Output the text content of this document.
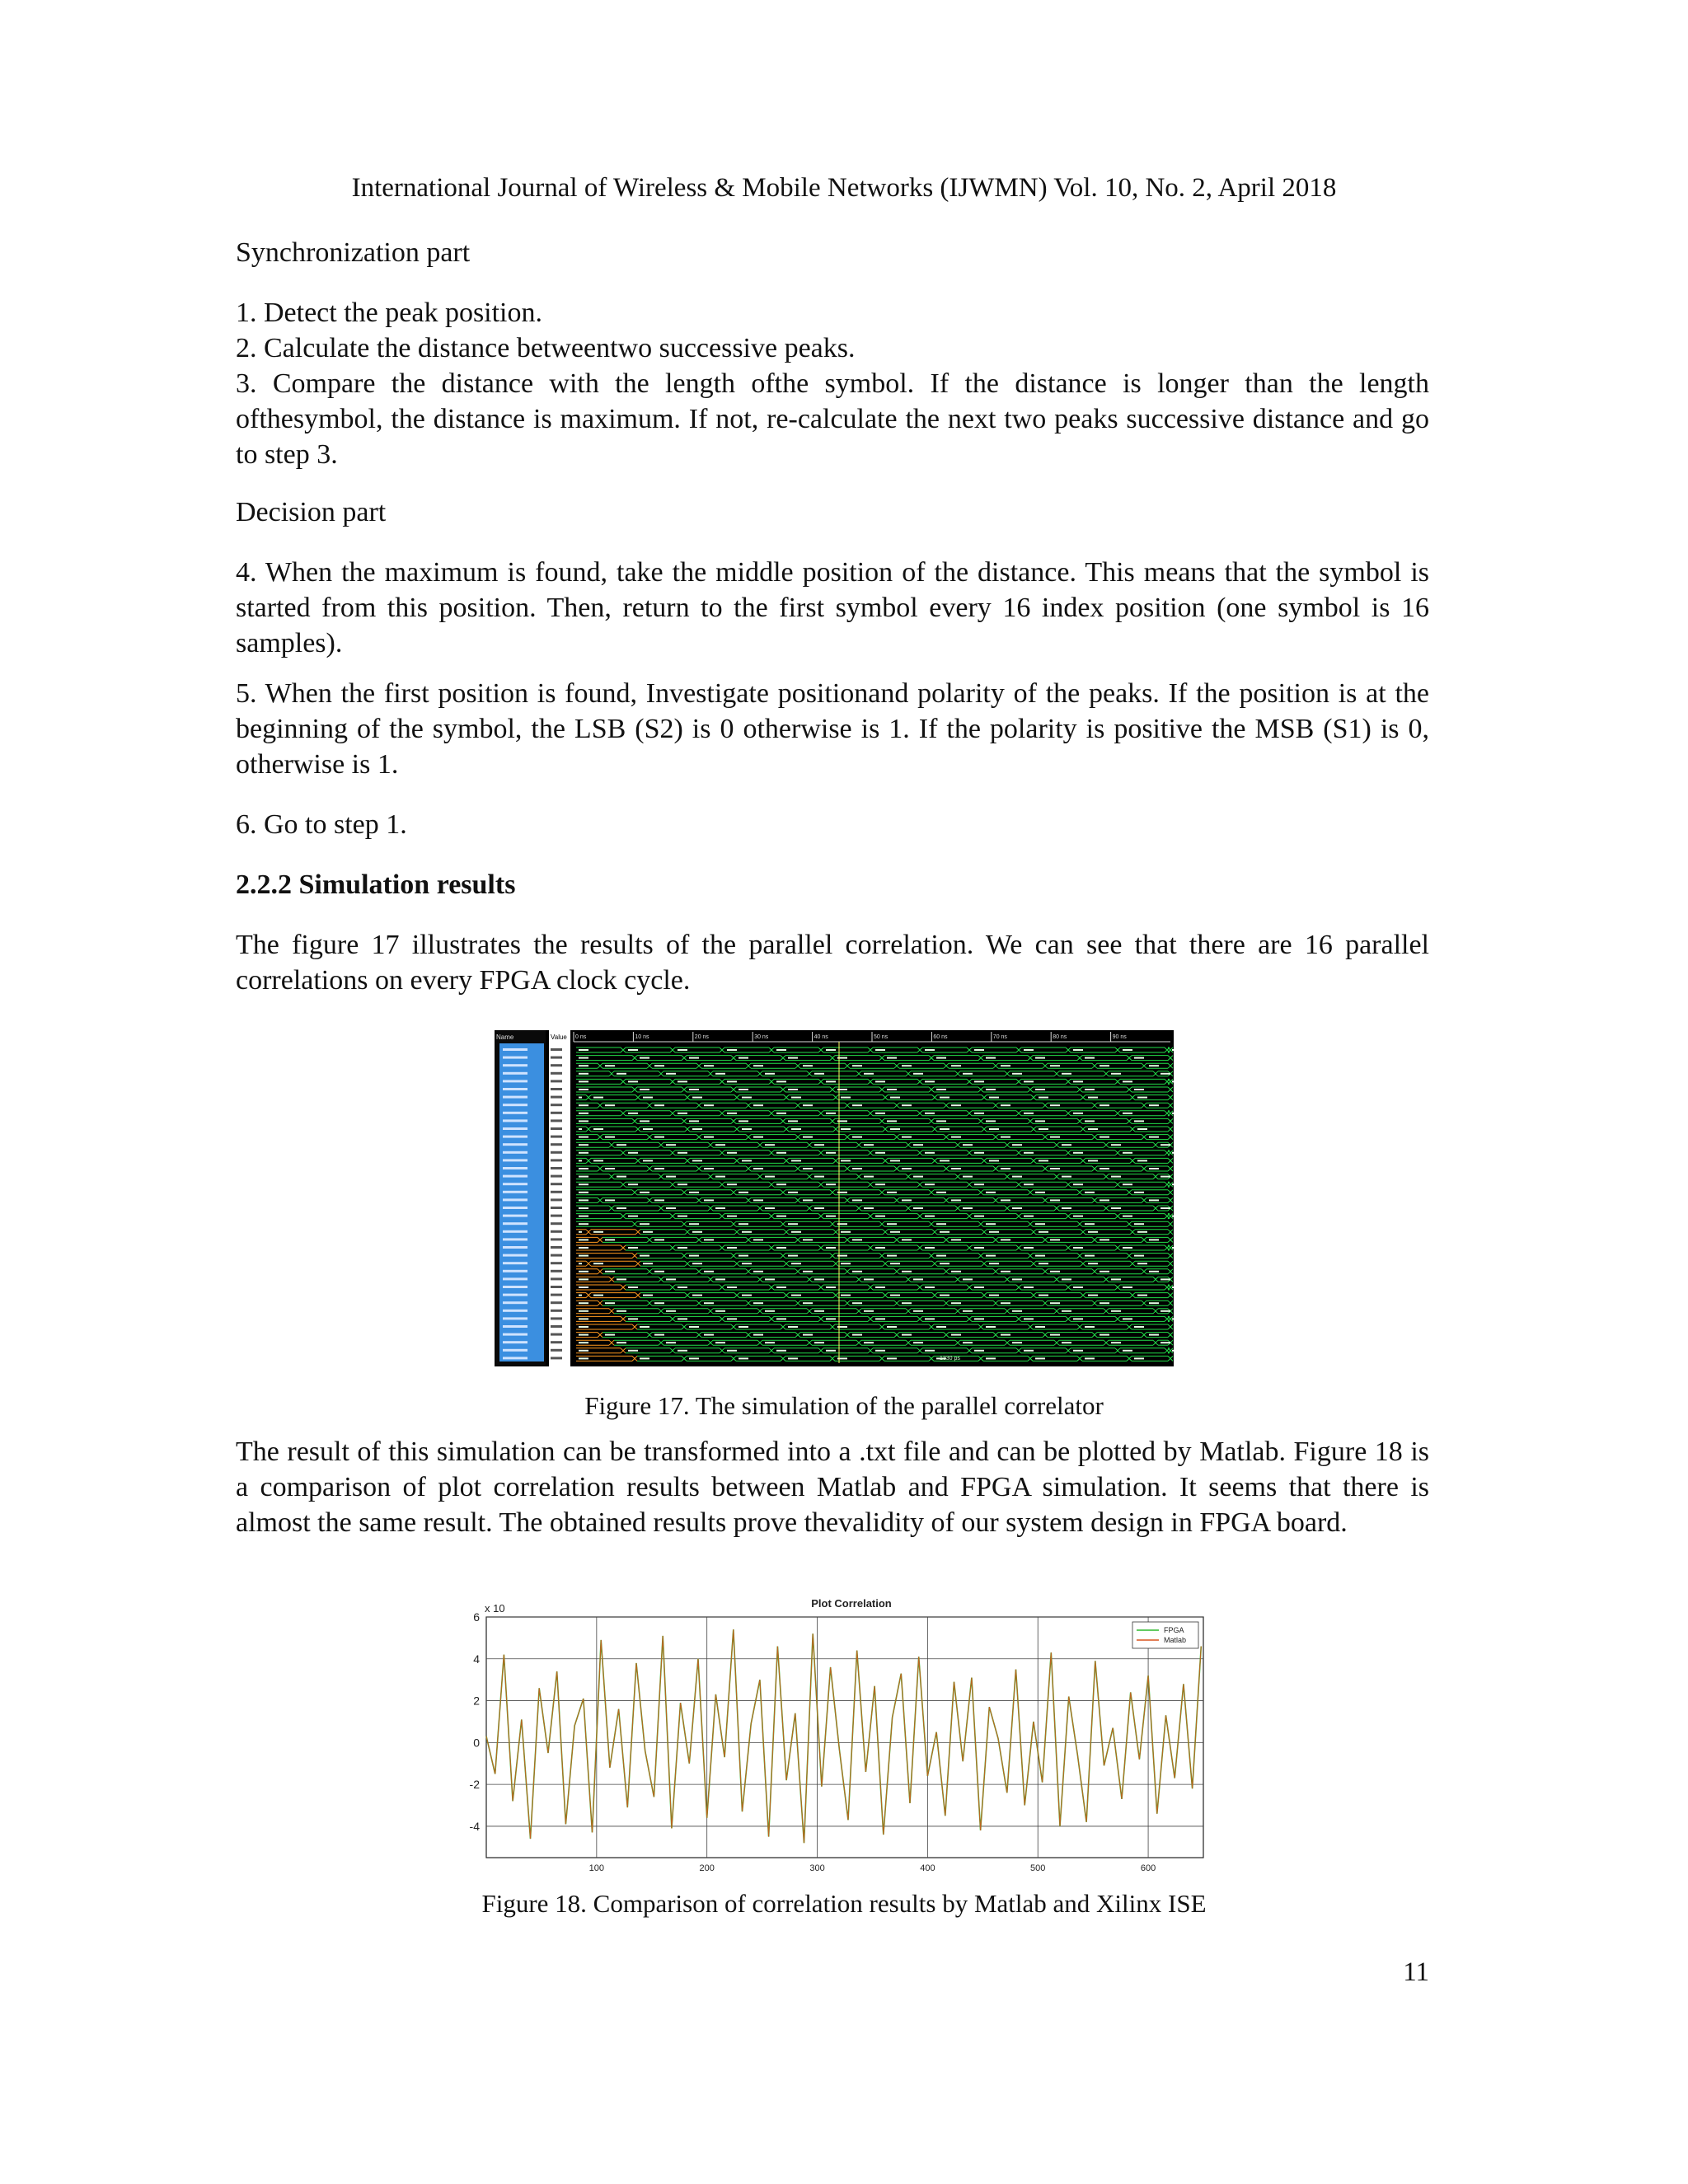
International Journal of Wireless & Mobile Networks (IJWMN) Vol. 10, No. 2, April 2018
Synchronization part
1. Detect the peak position.
2. Calculate the distance betweentwo successive peaks.
3. Compare the distance with the length ofthe symbol. If the distance is longer than the length ofthesymbol, the distance is maximum. If not, re-calculate the next two peaks successive distance and go to step 3.
Decision part
4. When the maximum is found, take the middle position of the distance. This means that the symbol is started from this position. Then, return to the first symbol every 16 index position (one symbol is 16 samples).
5. When the first position is found, Investigate positionand polarity of the peaks. If the position is at the beginning of the symbol, the LSB (S2) is 0 otherwise is 1. If the polarity is positive the MSB (S1) is 0, otherwise is 1.
6. Go to step 1.
2.2.2 Simulation results
The figure 17 illustrates the results of the parallel correlation. We can see that there are 16 parallel correlations on every FPGA clock cycle.
Name	Value 0 ns	10 ns	20 ns	30 ns	40 ns	50 ns	60 ns	70 ns	80 ns	90 ns
1330 ps
Figure 17. The simulation of the parallel correlator
The result of this simulation can be transformed into a .txt file and can be plotted by Matlab. Figure 18 is a comparison of plot correlation results between Matlab and FPGA simulation. It seems that there is almost the same result. The obtained results prove thevalidity of our system design in FPGA board.
Plot Correlation
x 10
-4
-2
0
2
4
6
100	200	300	400	500	600
FPGA
Matlab
Figure 18. Comparison of correlation results by Matlab and Xilinx ISE
11
